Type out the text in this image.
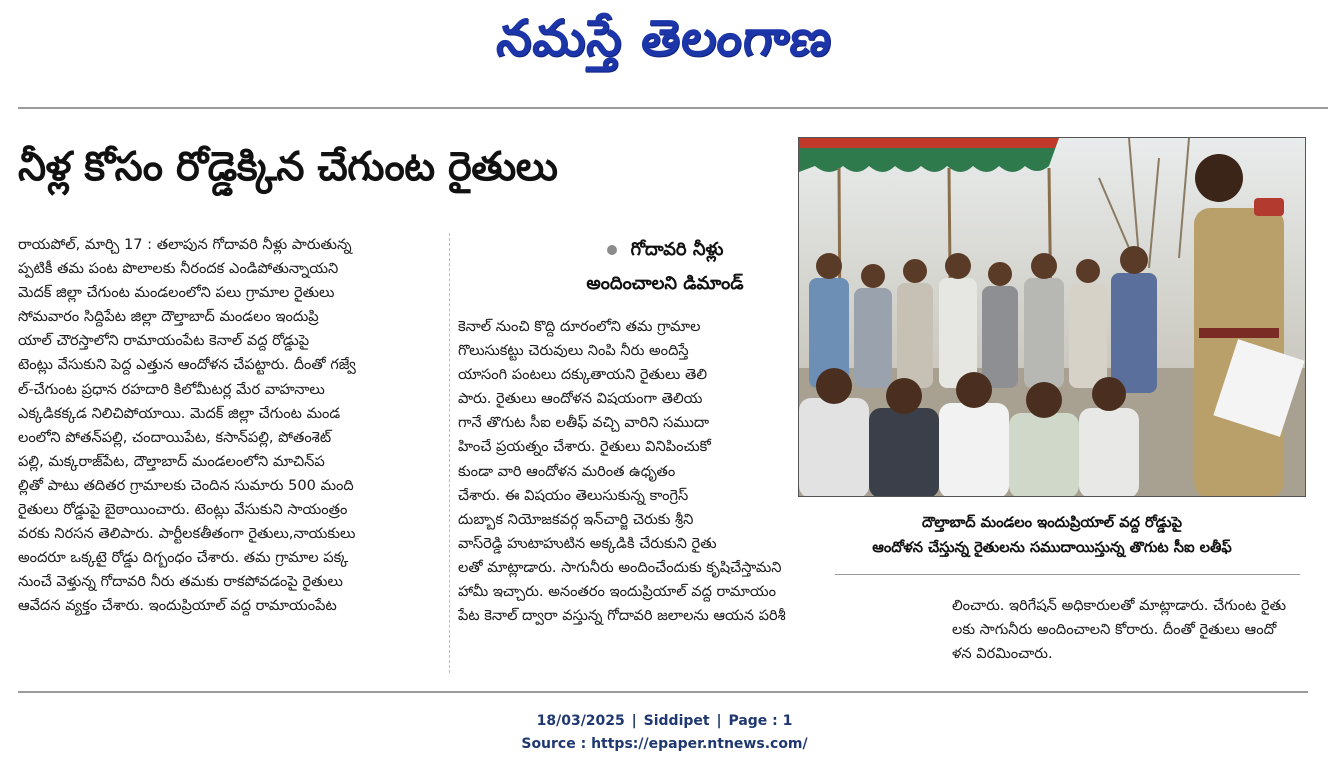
నమస్తే తెలంగాణ
నీళ్ల కోసం రోడ్డెక్కిన చేగుంట రైతులు

రాయపోల్, మార్చి 17 : తలాపున గోదావరి నీళ్లు పారుతున్న

ప్పటికీ తమ పంట పొలాలకు నీరందక ఎండిపోతున్నాయని

మెదక్ జిల్లా చేగుంట మండలంలోని పలు గ్రామాల రైతులు

సోమవారం సిద్దిపేట జిల్లా దౌల్తాబాద్ మండలం ఇందుప్రి

యాల్ చౌరస్తాలోని రామాయంపేట కెనాల్ వద్ద రోడ్డుపై

టెంట్లు వేసుకుని పెద్ద ఎత్తున ఆందోళన చేపట్టారు. దీంతో గజ్వే

ల్-చేగుంట ప్రధాన రహదారి కిలోమీటర్ల మేర వాహనాలు

ఎక్కడికక్కడ నిలిచిపోయాయి. మెదక్ జిల్లా చేగుంట మండ

లంలోని పోతన్‌పల్లి, చందాయిపేట, కసాన్‌పల్లి, పోతంశెట్

పల్లి, మక్కరాజ్‌పేట, దౌల్తాబాద్ మండలంలోని మాచిన్‌ప

ల్లితో పాటు తదితర గ్రామాలకు చెందిన సుమారు 500 మంది

రైతులు రోడ్డుపై బైఠాయించారు. టెంట్లు వేసుకుని సాయంత్రం

వరకు నిరసన తెలిపారు. పార్టీలకతీతంగా రైతులు,నాయకులు

అందరూ ఒక్కటై రోడ్డు దిగ్బంధం చేశారు. తమ గ్రామాల పక్క

నుంచే వెళ్తున్న గోదావరి నీరు తమకు రాకపోవడంపై రైతులు

ఆవేదన వ్యక్తం చేశారు. ఇందుప్రియాల్ వద్ద రామాయంపేట

గోదావరి నీళ్లు
అందించాలని డిమాండ్

కెనాల్ నుంచి కొద్ది దూరంలోని తమ గ్రామాల

గొలుసుకట్టు చెరువులు నింపి నీరు అందిస్తే

యాసంగి పంటలు దక్కుతాయని రైతులు తెలి

పారు. రైతులు ఆందోళన విషయంగా తెలియ

గానే తొగుట సీఐ లతీఫ్ వచ్చి వారిని సముదా

హించే ప్రయత్నం చేశారు. రైతులు వినిపించుకో

కుండా వారి ఆందోళన మరింత ఉధృతం

చేశారు. ఈ విషయం తెలుసుకున్న కాంగ్రెస్

దుబ్బాక నియోజకవర్గ ఇన్‌చార్జి చెరుకు శ్రీని

వాస్‌రెడ్డి హుటాహుటిన అక్కడికి చేరుకుని రైతు

లతో మాట్లాడారు. సాగునీరు అందించేందుకు కృషిచేస్తామని

హామీ ఇచ్చారు. అనంతరం ఇందుప్రియాల్ వద్ద రామాయం

పేట కెనాల్ ద్వారా వస్తున్న గోదావరి జలాలను ఆయన పరిశీ

దౌల్తాబాద్ మండలం ఇందుప్రియాల్ వద్ద రోడ్డుపై

ఆందోళన చేస్తున్న రైతులను సముదాయిస్తున్న తొగుట సీఐ లతీఫ్

లించారు. ఇరిగేషన్ అధికారులతో మాట్లాడారు. చేగుంట రైతు

లకు సాగునీరు అందించాలని కోరారు. దీంతో రైతులు ఆందో

ళన విరమించారు.

18/03/2025 | Siddipet | Page : 1
Source : https://epaper.ntnews.com/
